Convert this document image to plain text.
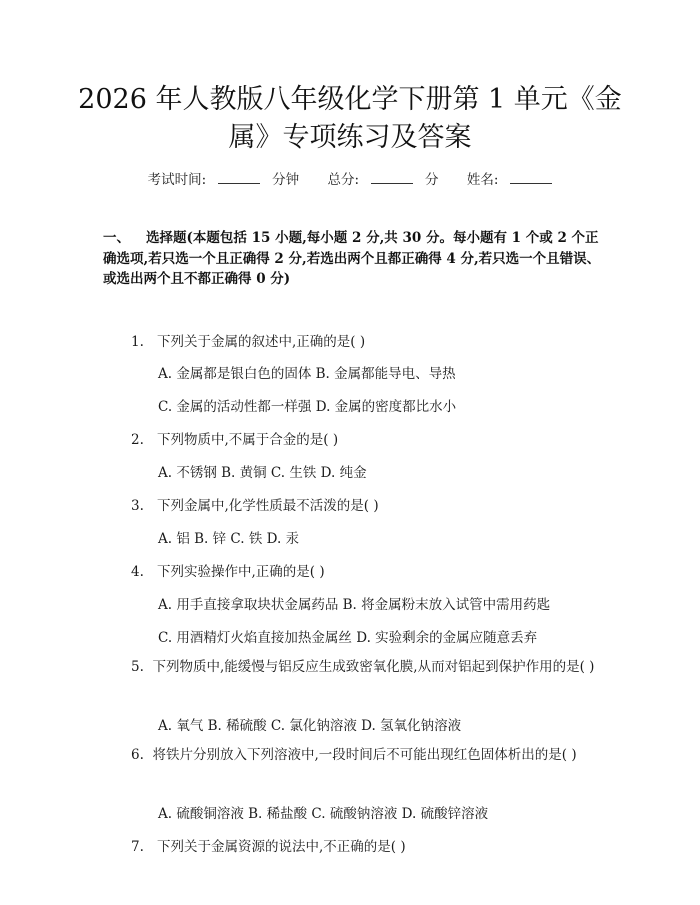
2026 年人教版八年级化学下册第 1 单元《金
属》专项练习及答案
考试时间:	分钟 总分:	分 姓名:
一、 选择题(本题包括 15 小题,每小题 2 分,共 30 分。每小题有 1 个或 2 个正确选项,若只选一个且正确得 2 分,若选出两个且都正确得 4 分,若只选一个且错误、或选出两个且不都正确得 0 分)
1. 下列关于金属的叙述中,正确的是( )
A. 金属都是银白色的固体 B. 金属都能导电、导热
C. 金属的活动性都一样强 D. 金属的密度都比水小
2. 下列物质中,不属于合金的是( )
A. 不锈钢 B. 黄铜 C. 生铁 D. 纯金
3. 下列金属中,化学性质最不活泼的是( )
A. 铝 B. 锌 C. 铁 D. 汞
4. 下列实验操作中,正确的是( )
A. 用手直接拿取块状金属药品 B. 将金属粉末放入试管中需用药匙
C. 用酒精灯火焰直接加热金属丝 D. 实验剩余的金属应随意丢弃
5. 下列物质中,能缓慢与铝反应生成致密氧化膜,从而对铝起到保护作用的是( )
A. 氧气 B. 稀硫酸 C. 氯化钠溶液 D. 氢氧化钠溶液
6. 将铁片分别放入下列溶液中,一段时间后不可能出现红色固体析出的是( )
A. 硫酸铜溶液 B. 稀盐酸 C. 硫酸钠溶液 D. 硫酸锌溶液
7. 下列关于金属资源的说法中,不正确的是( )
